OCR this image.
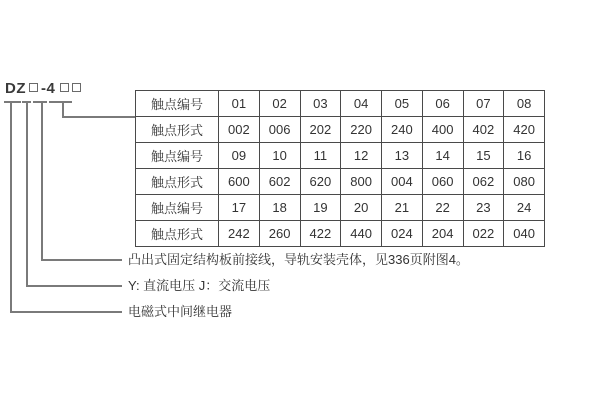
DZ -4
触点编号	01	02	03	04	05	06	07	08
触点形式	002	006	202	220	240	400	402	420
触点编号	09	10	11	12	13	14	15	16
触点形式	600	602	620	800	004	060	062	080
触点编号	17	18	19	20	21	22	23	24
触点形式	242	260	422	440	024	204	022	040
凸出式固定结构板前接线，导轨安装壳体，见336页附图4。
Y: 直流电压 J：交流电压
电磁式中间继电器
